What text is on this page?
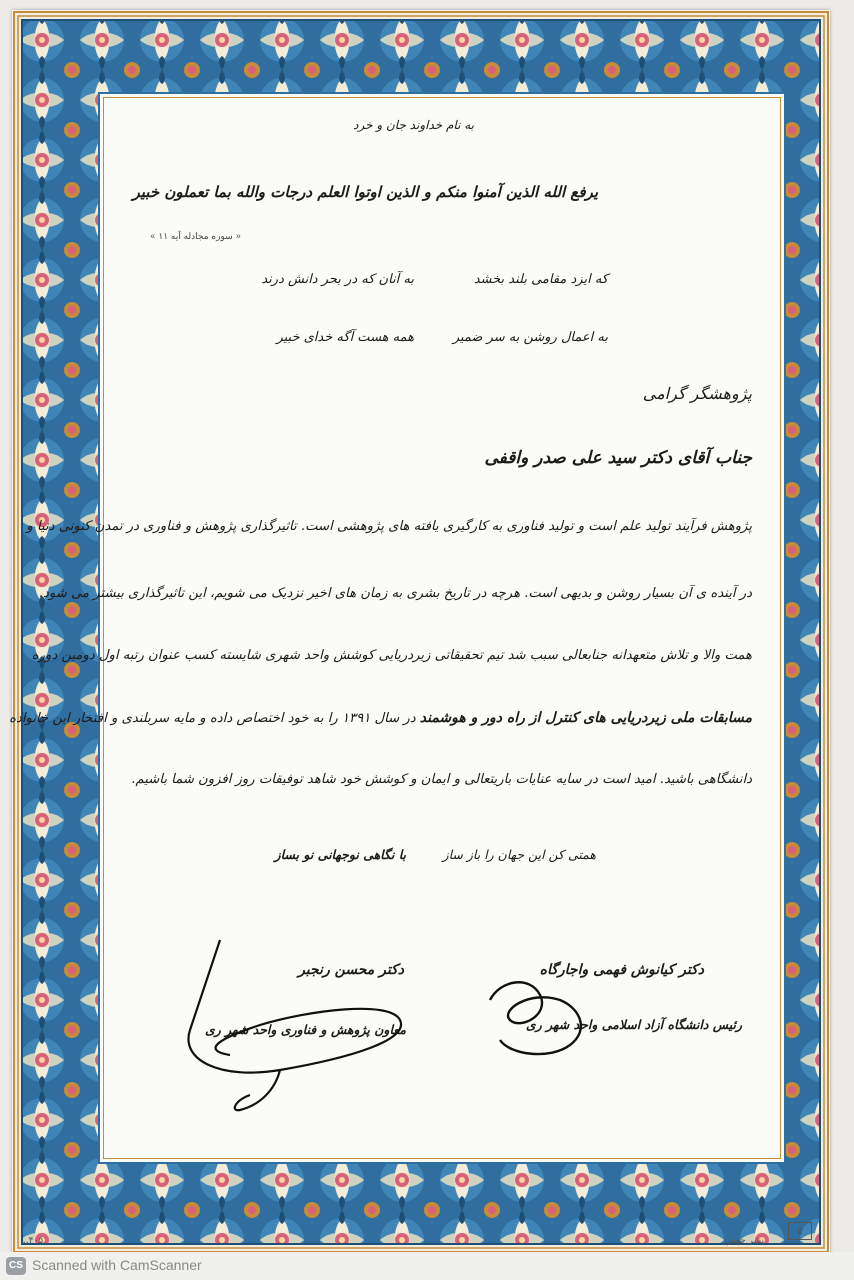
به نام خداوند جان و خرد
یرفع الله الذین آمنوا منکم و الذین اوتوا العلم درجات والله بما تعملون خبیر
« سوره مجادله آیه ۱۱ »
که ایزد مقامی بلند بخشد
به آنان که در بحر دانش درند
به اعمال روشن به سر ضمیر
همه هست آگه خدای خبیر
پژوهشگر گرامی
جناب آقای دکتر سید علی صدر واقفی
پژوهش فرآیند تولید علم است و تولید فناوری به کارگیری یافته های پژوهشی است. تاثیرگذاری پژوهش و فناوری در تمدن کنونی دنیا و
در آینده ی آن بسیار روشن و بدیهی است. هرچه در تاریخ بشری به زمان های اخیر نزدیک می شویم، این تاثیرگذاری بیشتر می شود.
همت والا و تلاش متعهدانه جنابعالی سبب شد تیم تحقیقاتی زیردریایی کوشش واحد شهری شایسته کسب عنوان رتبه اول دومین دوره
مسابقات ملی زیردریایی های کنترل از راه دور و هوشمند در سال ۱۳۹۱ را به خود اختصاص داده و مایه سربلندی و افتخار این خانواده
دانشگاهی باشید. امید است در سایه عنایات باریتعالی و ایمان و کوشش خود شاهد توفیقات روز افزون شما باشیم.
همتی کن این جهان را باز ساز
با نگاهی نوجهانی نو بساز
دکتر کیانوش فهمی واجارگاه
رئیس دانشگاه آزاد اسلامی واحد شهر ری
دکتر محسن رنجبر
معاون پژوهش و فناوری واحد شهر ری
۴۰۵...	نشر جهش
▯
CS Scanned with CamScanner
